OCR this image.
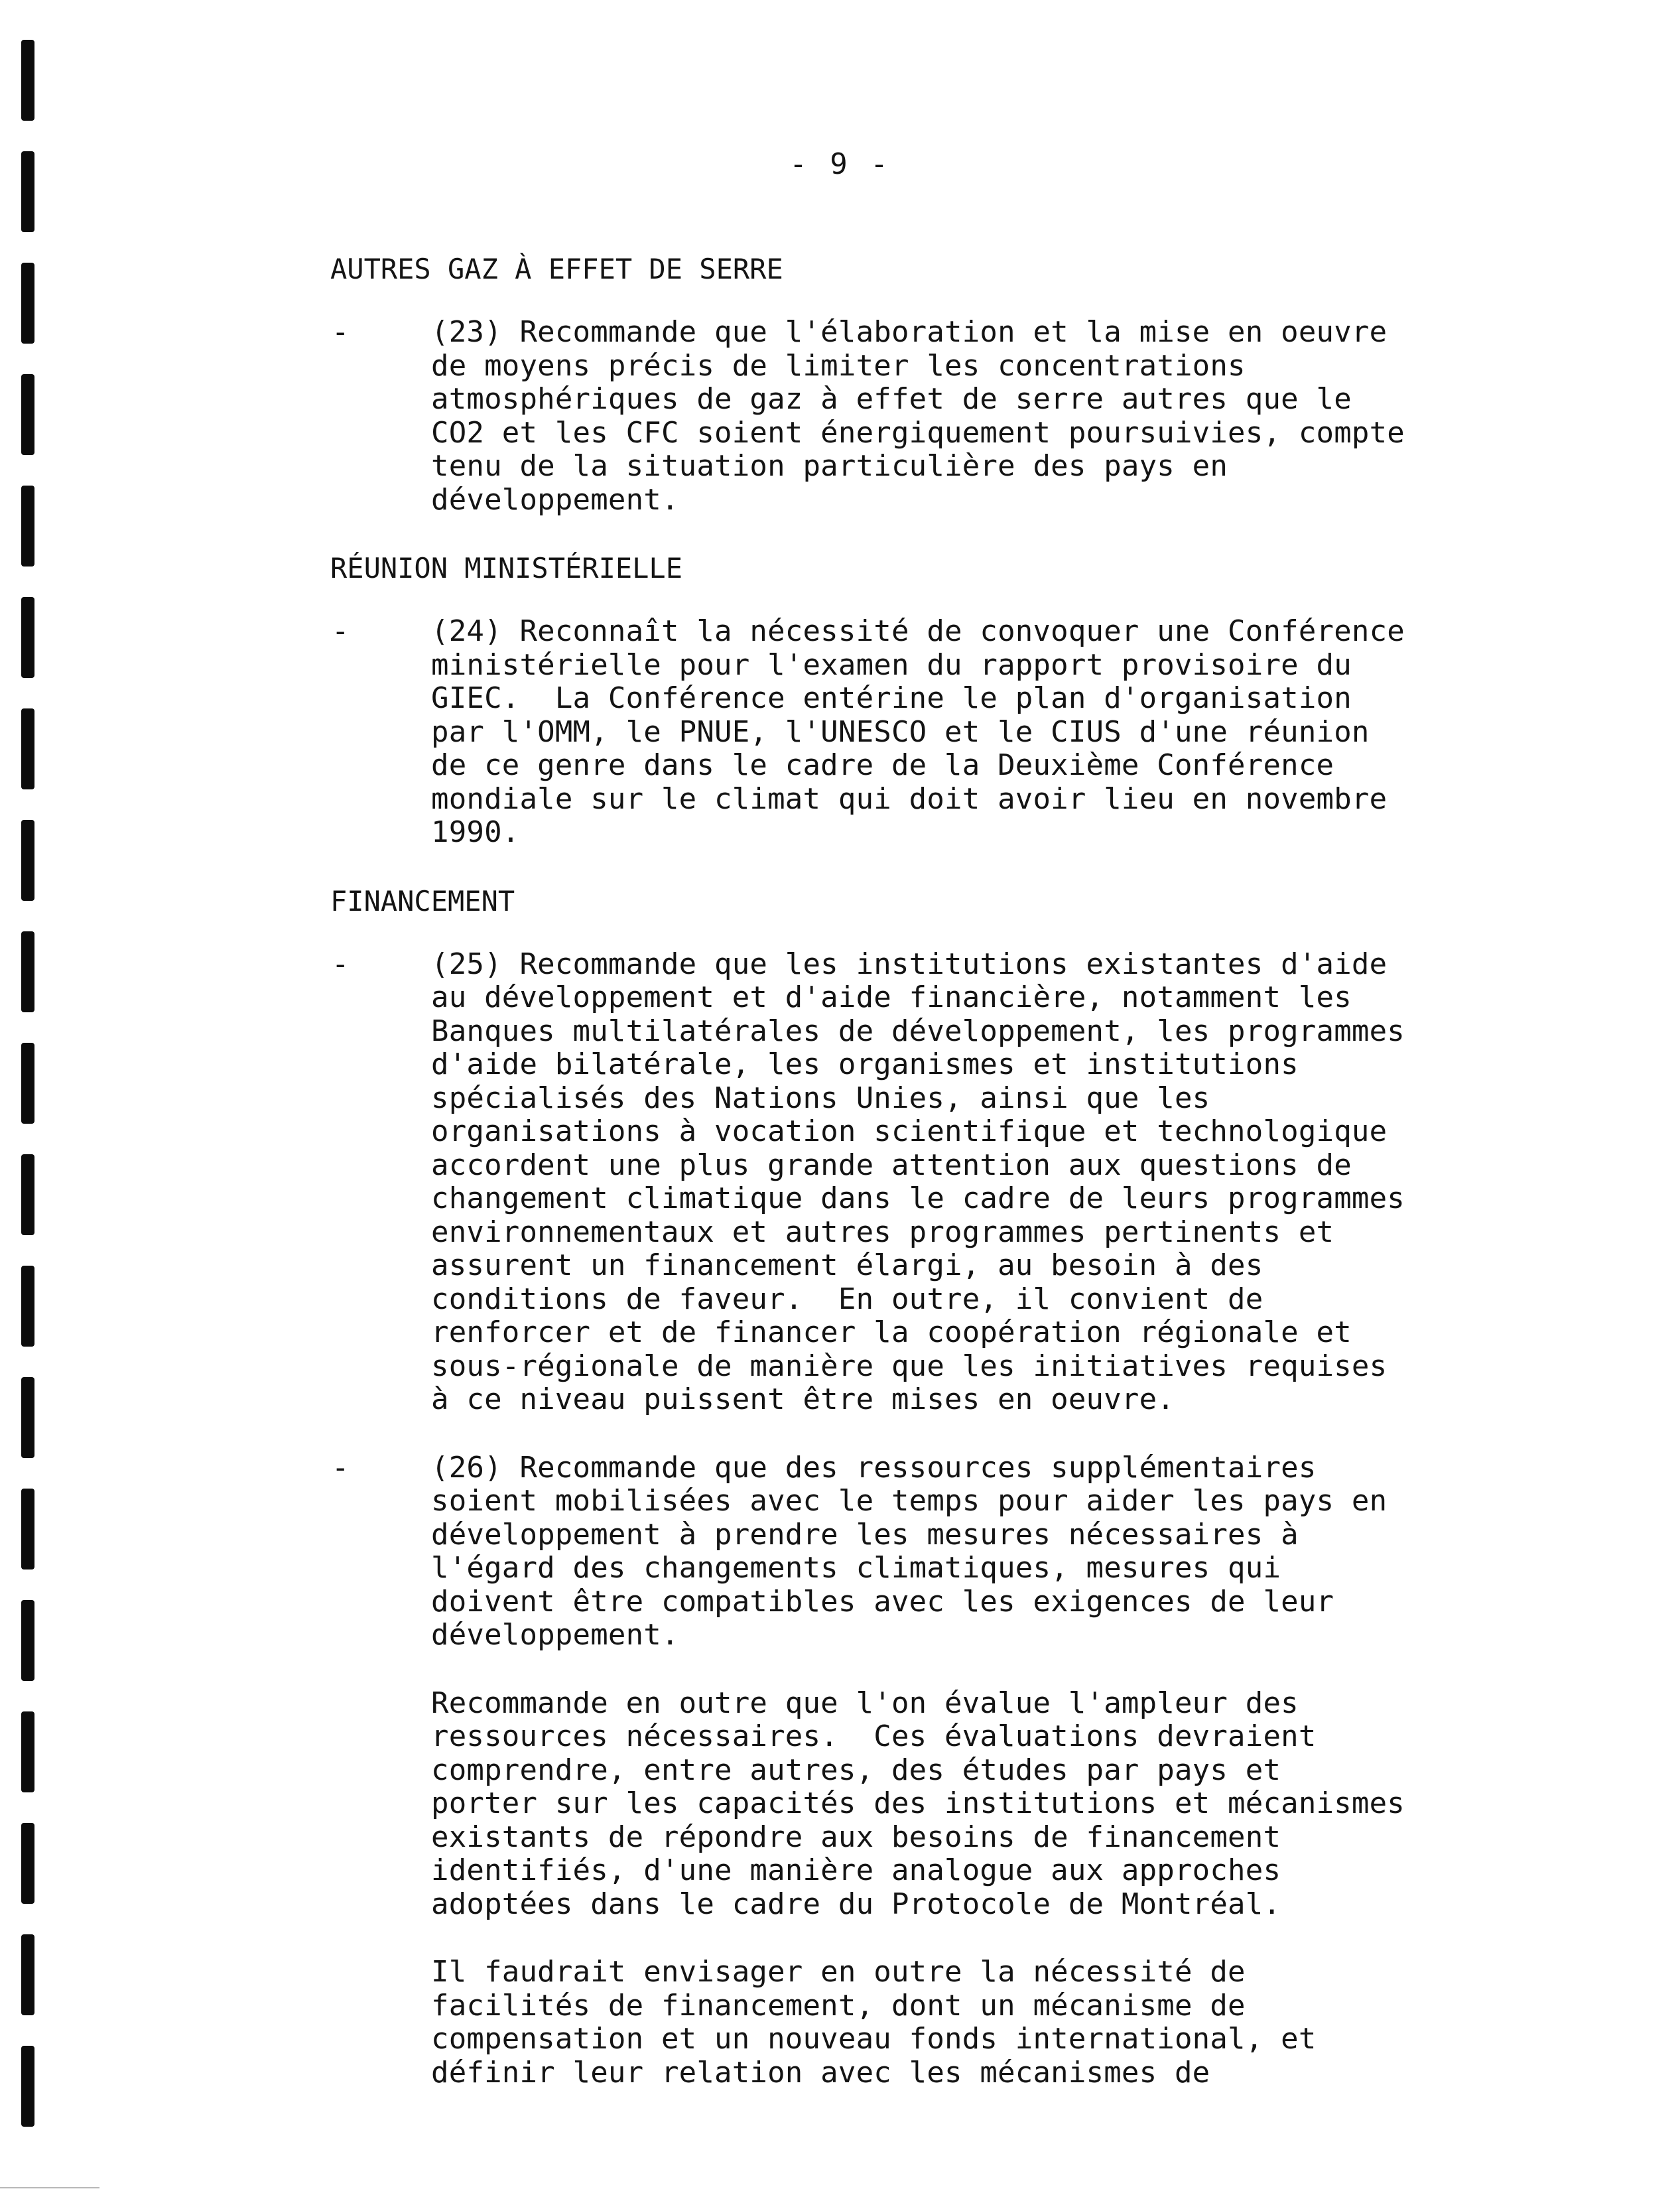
- 9 -
AUTRES GAZ À EFFET DE SERRE
-	(23) Recommande que l'élaboration et la mise en oeuvre
de moyens précis de limiter les concentrations
atmosphériques de gaz à effet de serre autres que le
CO2 et les CFC soient énergiquement poursuivies, compte
tenu de la situation particulière des pays en
développement.
RÉUNION MINISTÉRIELLE
-	(24) Reconnaît la nécessité de convoquer une Conférence
ministérielle pour l'examen du rapport provisoire du
GIEC.  La Conférence entérine le plan d'organisation
par l'OMM, le PNUE, l'UNESCO et le CIUS d'une réunion
de ce genre dans le cadre de la Deuxième Conférence
mondiale sur le climat qui doit avoir lieu en novembre
1990.
FINANCEMENT
-	(25) Recommande que les institutions existantes d'aide
au développement et d'aide financière, notamment les
Banques multilatérales de développement, les programmes
d'aide bilatérale, les organismes et institutions
spécialisés des Nations Unies, ainsi que les
organisations à vocation scientifique et technologique
accordent une plus grande attention aux questions de
changement climatique dans le cadre de leurs programmes
environnementaux et autres programmes pertinents et
assurent un financement élargi, au besoin à des
conditions de faveur.  En outre, il convient de
renforcer et de financer la coopération régionale et
sous-régionale de manière que les initiatives requises
à ce niveau puissent être mises en oeuvre.
-	(26) Recommande que des ressources supplémentaires
soient mobilisées avec le temps pour aider les pays en
développement à prendre les mesures nécessaires à
l'égard des changements climatiques, mesures qui
doivent être compatibles avec les exigences de leur
développement.
Recommande en outre que l'on évalue l'ampleur des
ressources nécessaires.  Ces évaluations devraient
comprendre, entre autres, des études par pays et
porter sur les capacités des institutions et mécanismes
existants de répondre aux besoins de financement
identifiés, d'une manière analogue aux approches
adoptées dans le cadre du Protocole de Montréal.
Il faudrait envisager en outre la nécessité de
facilités de financement, dont un mécanisme de
compensation et un nouveau fonds international, et
définir leur relation avec les mécanismes de
